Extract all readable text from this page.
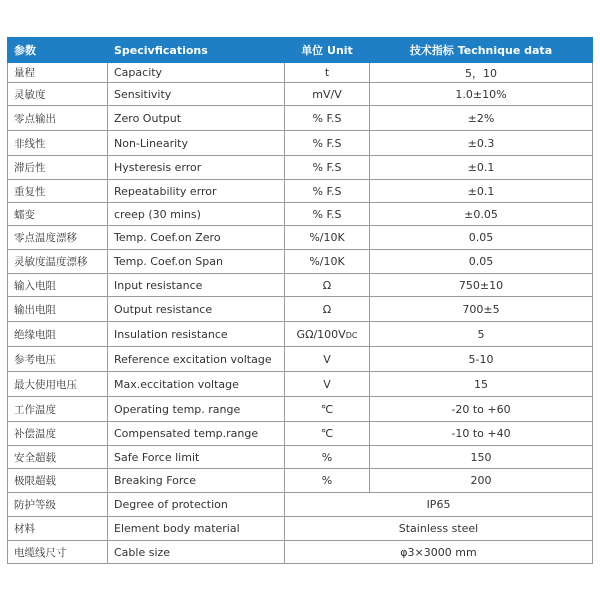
参数	Specivfications	单位 Unit	技术指标 Technique data
量程	Capacity	t	5，10
灵敏度	Sensitivity	mV/V	1.0±10%
零点输出	Zero Output	% F.S	±2%
非线性	Non-Linearity	% F.S	±0.3
滞后性	Hysteresis error	% F.S	±0.1
重复性	Repeatability error	% F.S	±0.1
蠕变	creep (30 mins)	% F.S	±0.05
零点温度漂移	Temp. Coef.on Zero	%/10K	0.05
灵敏度温度漂移	Temp. Coef.on Span	%/10K	0.05
输入电阻	Input resistance	Ω	750±10
输出电阻	Output resistance	Ω	700±5
绝缘电阻	Insulation resistance	GΩ/100VDC	5
参考电压	Reference excitation voltage	V	5-10
最大使用电压	Max.eccitation voltage	V	15
工作温度	Operating temp. range	℃	-20 to +60
补偿温度	Compensated temp.range	℃	-10 to +40
安全超载	Safe Force limit	%	150
极限超载	Breaking Force	%	200
防护等级	Degree of protection	IP65	
材料	Element body material	Stainless steel	
电缆线尺寸	Cable size	φ3×3000 mm	
